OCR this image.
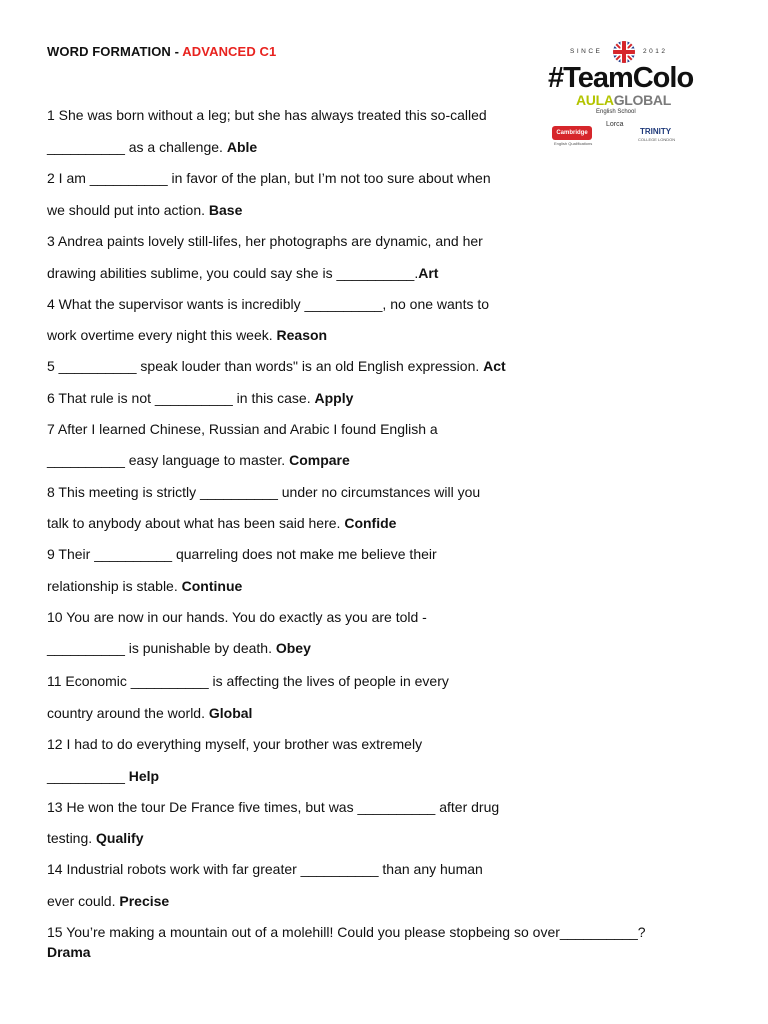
WORD FORMATION - ADVANCED C1	SINCE	2012
#TeamColo
AULAGLOBAL
English School
Lorca
Cambridge
English Qualifications
TRINITY
COLLEGE LONDON
1 She was born without a leg; but she has always treated this so-called
__________ as a challenge. Able
2 I am __________ in favor of the plan, but I’m not too sure about when
we should put into action. Base
3 Andrea paints lovely still-lifes, her photographs are dynamic, and her
drawing abilities sublime, you could say she is __________.Art
4 What the supervisor wants is incredibly __________, no one wants to
work overtime every night this week. Reason
5 __________ speak louder than words" is an old English expression. Act
6 That rule is not __________ in this case. Apply
7 After I learned Chinese, Russian and Arabic I found English a
__________ easy language to master. Compare
8 This meeting is strictly __________ under no circumstances will you
talk to anybody about what has been said here. Confide
9 Their __________ quarreling does not make me believe their
relationship is stable. Continue
10 You are now in our hands. You do exactly as you are told -
__________ is punishable by death. Obey
11 Economic __________ is affecting the lives of people in every
country around the world. Global
12 I had to do everything myself, your brother was extremely
__________ Help
13 He won the tour De France five times, but was __________ after drug
testing. Qualify
14 Industrial robots work with far greater __________ than any human
ever could. Precise
15 You’re making a mountain out of a molehill! Could you please stopbeing so over__________?
Drama
